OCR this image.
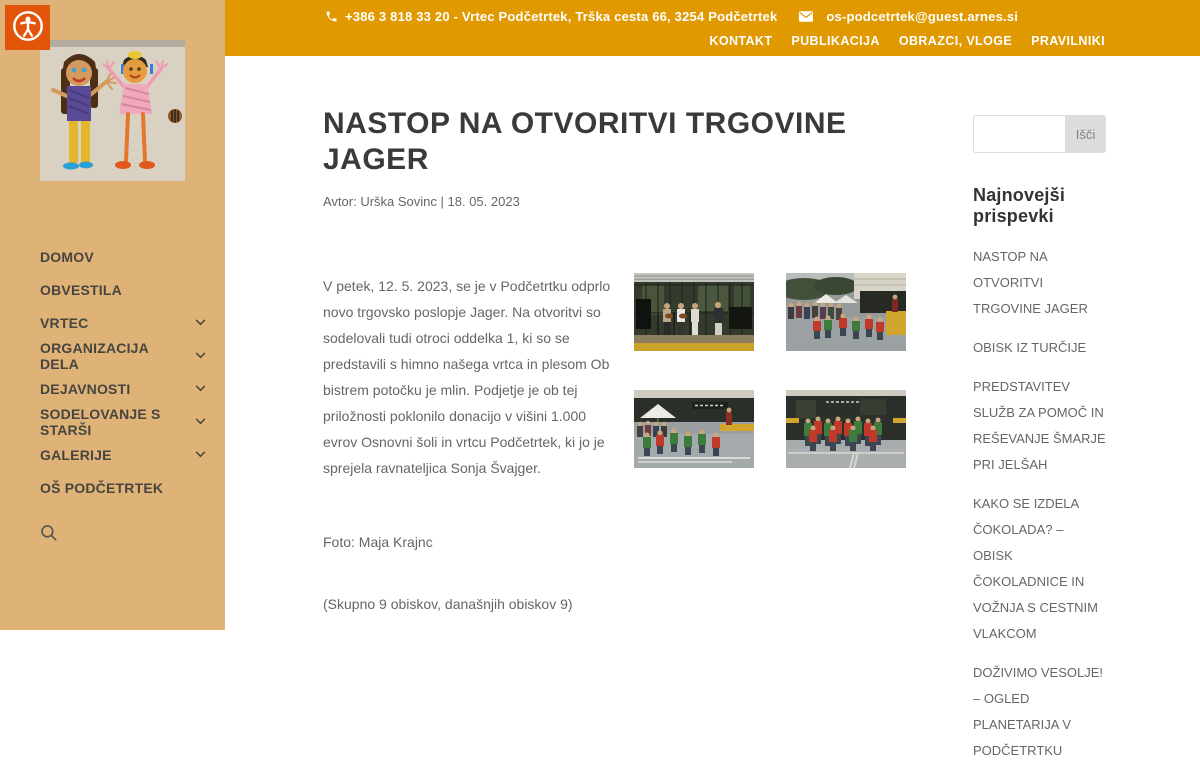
+386 3 818 33 20 - Vrtec Podčetrtek, Trška cesta 66, 3254 Podčetrtek	os-podcetrtek@guest.arnes.si
KONTAKT PUBLIKACIJA OBRAZCI, VLOGE PRAVILNIKI
DOMOV
OBVESTILA
VRTEC
ORGANIZACIJA DELA
DEJAVNOSTI
SODELOVANJE S STARŠI
GALERIJE
OŠ PODČETRTEK
NASTOP NA OTVORITVI TRGOVINE JAGER

Avtor: Urška Sovinc | 18. 05. 2023

V petek, 12. 5. 2023, se je v Podčetrtku odprlo novo trgovsko poslopje Jager. Na otvoritvi so sodelovali tudi otroci oddelka 1, ki so se predstavili s himno našega vrtca in plesom Ob bistrem potočku je mlin. Podjetje je ob tej priložnosti poklonilo donacijo v višini 1.000 evrov Osnovni šoli in vrtcu Podčetrtek, ki jo je sprejela ravnateljica Sonja Švajger.

Foto: Maja Krajnc

(Skupno 9 obiskov, današnjih obiskov 9)

Išči
Najnovejši prispevki
NASTOP NA OTVORITVI TRGOVINE JAGER
OBISK IZ TURČIJE
PREDSTAVITEV SLUŽB ZA POMOČ IN REŠEVANJE ŠMARJE PRI JELŠAH
KAKO SE IZDELA ČOKOLADA? – OBISK ČOKOLADNICE IN VOŽNJA S CESTNIM VLAKCOM
DOŽIVIMO VESOLJE! – OGLED PLANETARIJA V PODČETRTKU
